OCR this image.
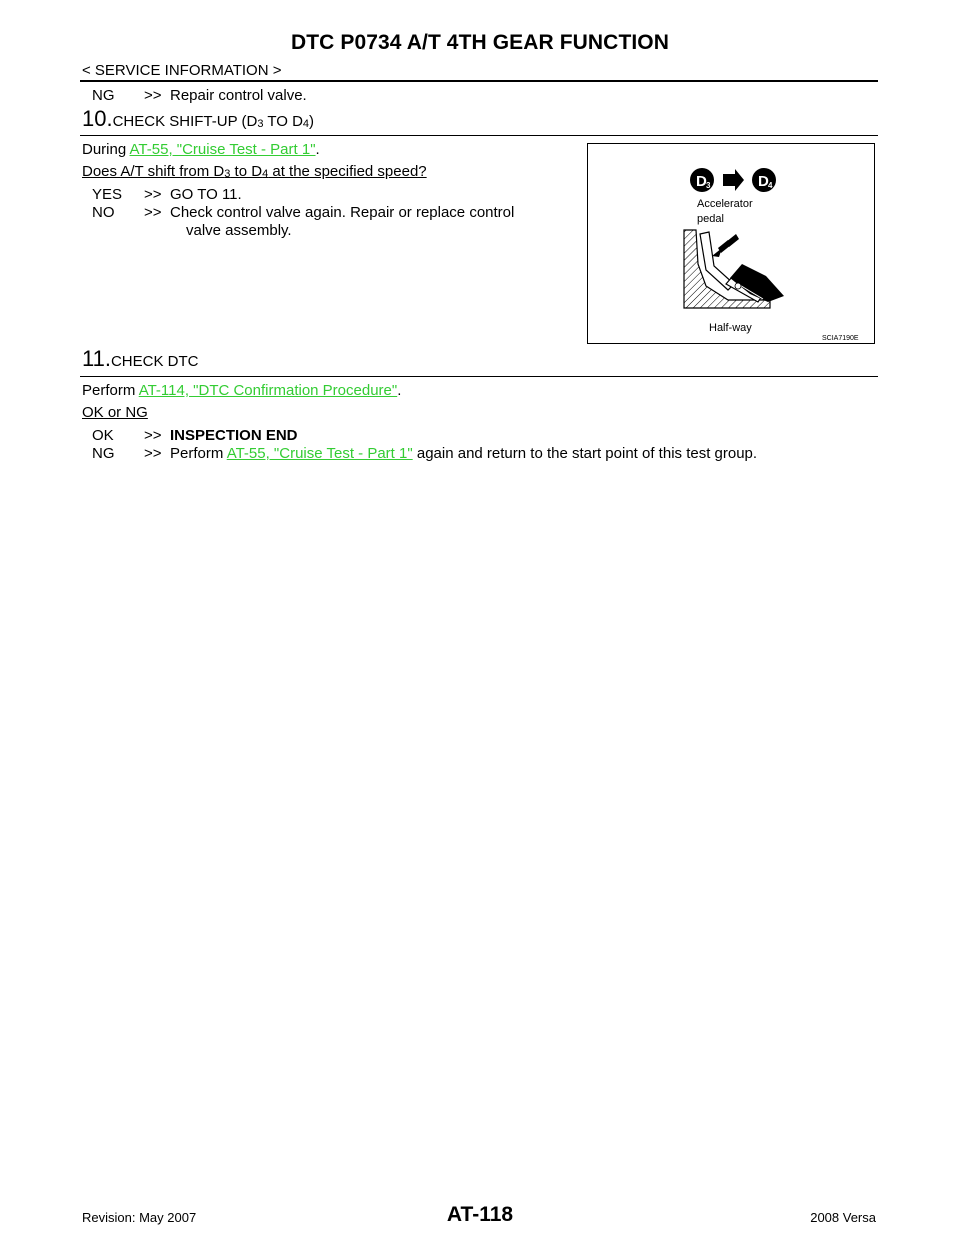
DTC P0734 A/T 4TH GEAR FUNCTION
< SERVICE INFORMATION >
NG >> Repair control valve.
10.CHECK SHIFT-UP ($D_3$ TO $D_4$)
During AT-55, "Cruise Test - Part 1".
Does A/T shift from $D_3$ to $D_4$ at the specified speed?
YES >> GO TO 11.
NO >> Check control valve again. Repair or replace control
valve assembly.
D 3	D 4
Accelerator
pedal
Half-way
SCIA7190E
11.CHECK DTC
Perform AT-114, "DTC Confirmation Procedure".
OK or NG
OK >> INSPECTION END
NG >> Perform AT-55, "Cruise Test - Part 1" again and return to the start point of this test group.
Revision: May 2007	AT-118	2008 Versa
